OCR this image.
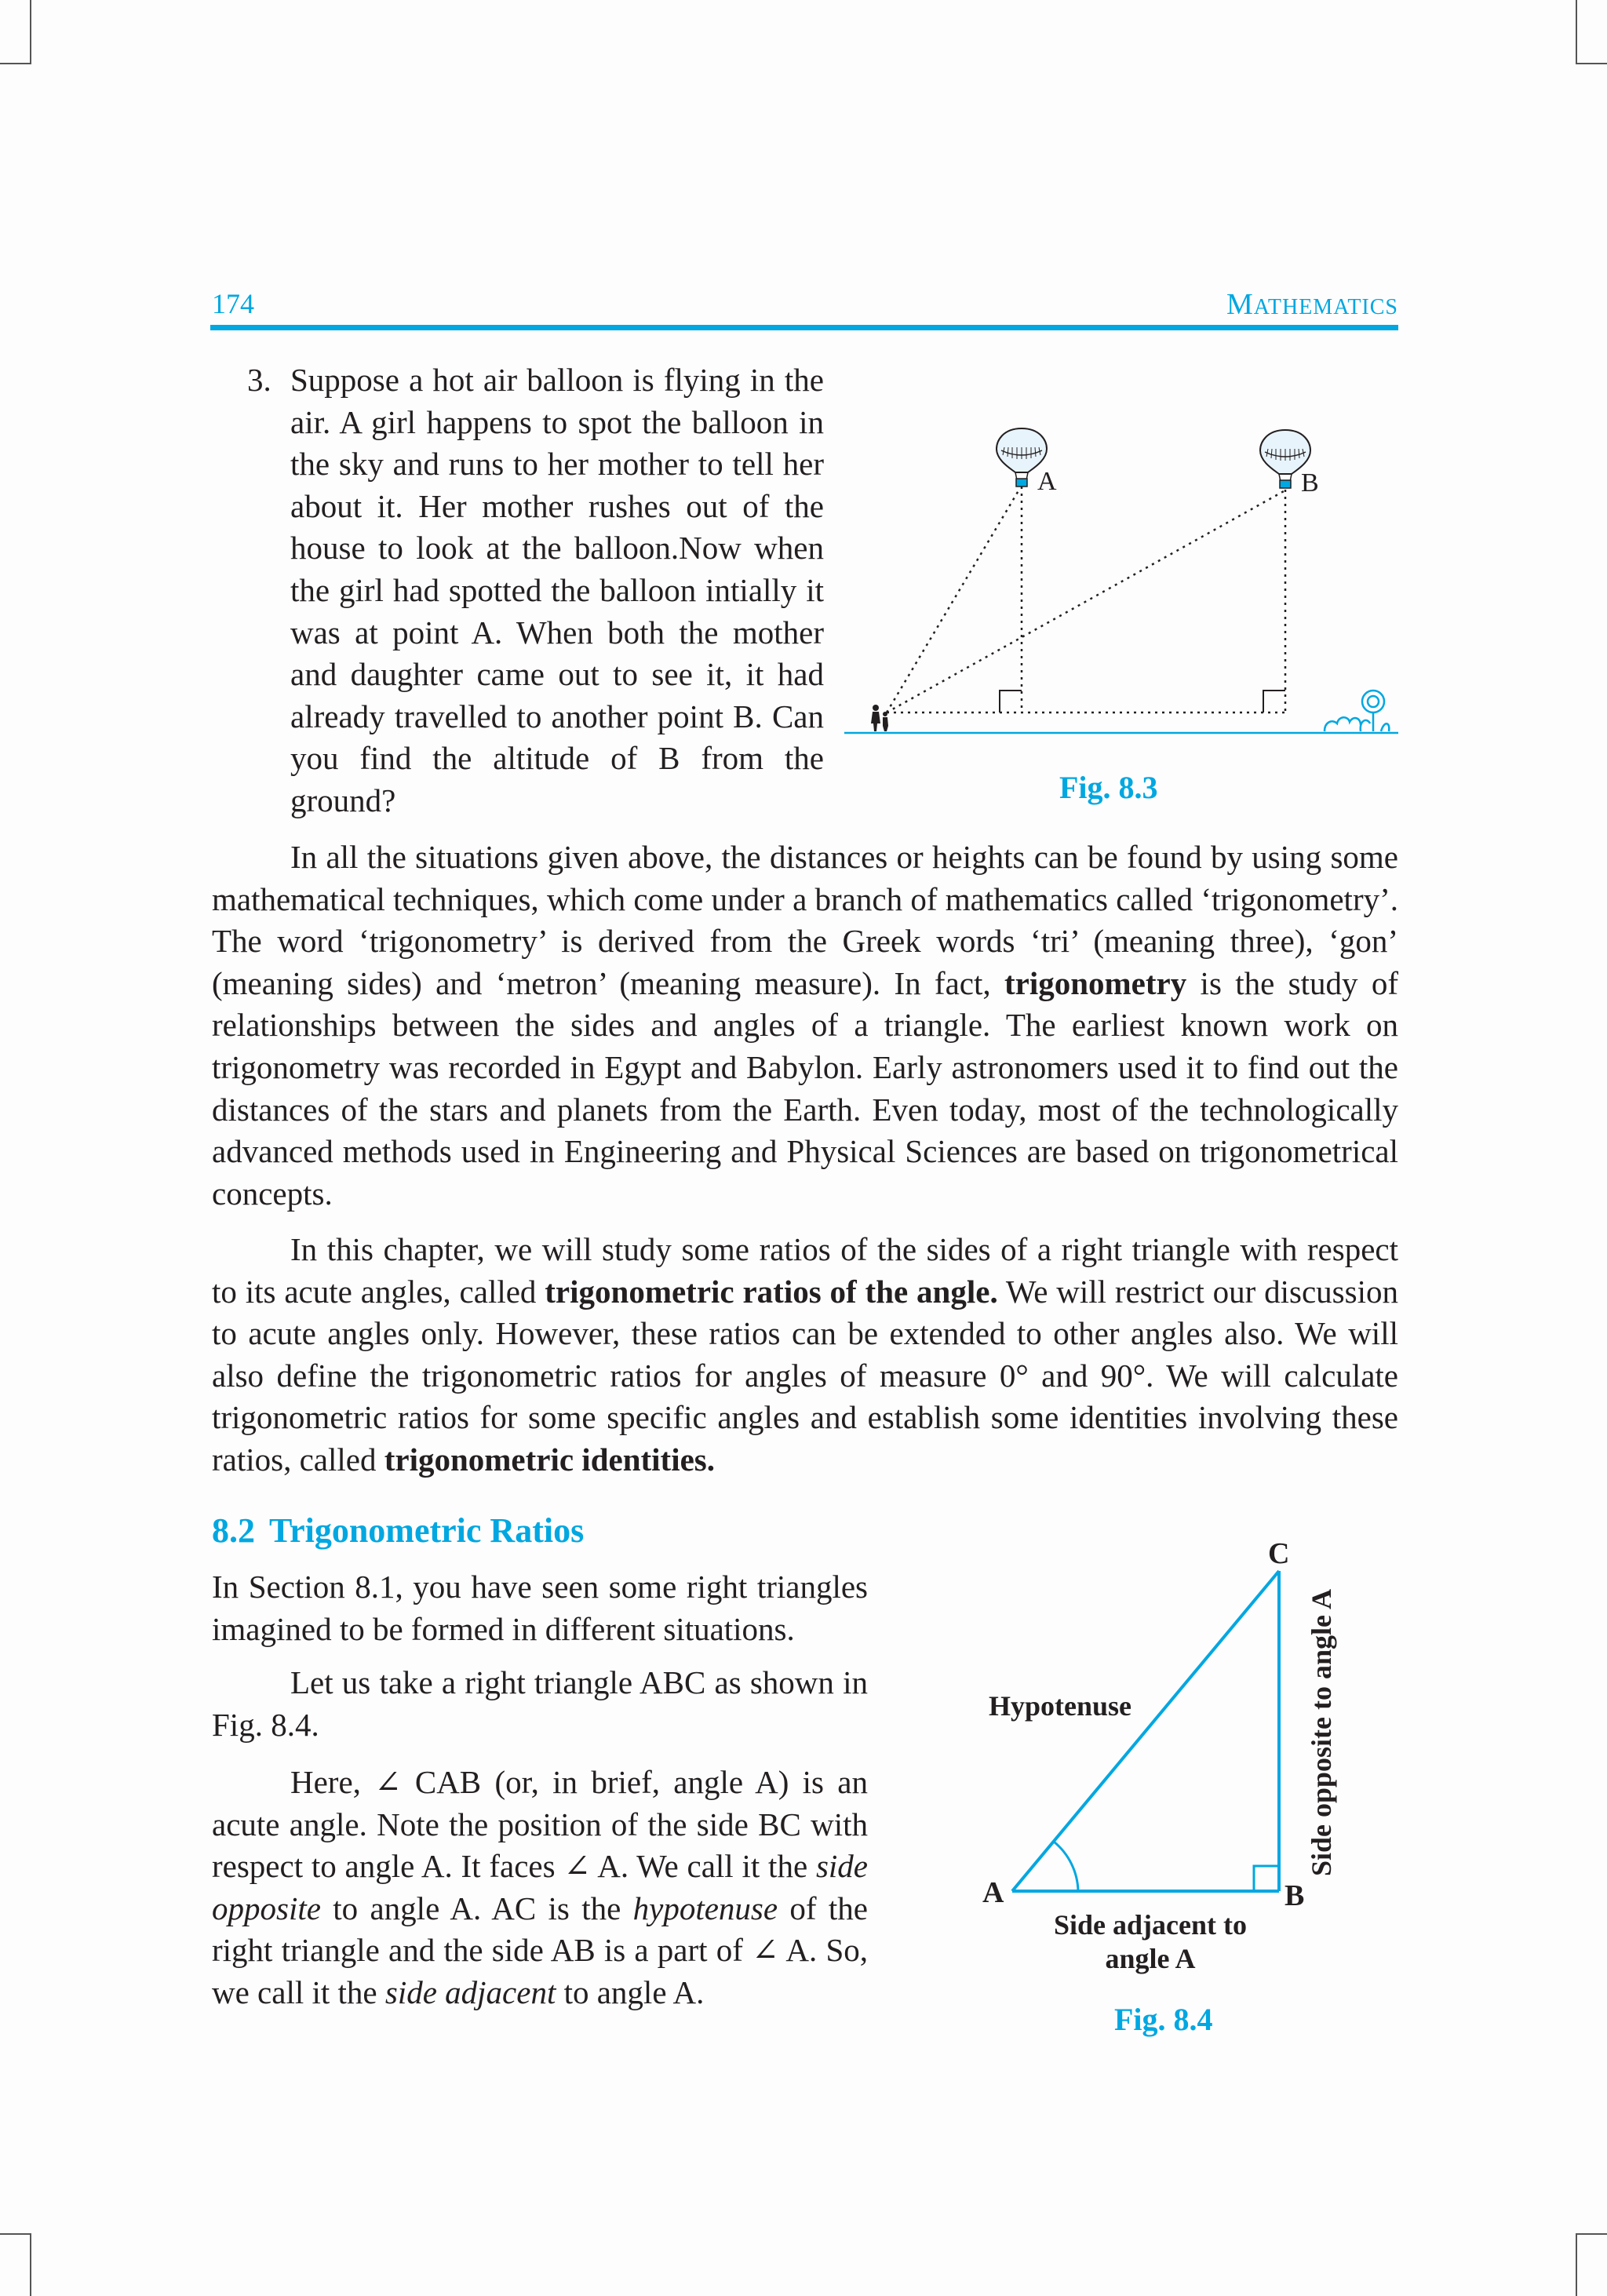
174	MATHEMATICS
3. Suppose a hot air balloon is flying in the air. A girl happens to spot the balloon in the sky and runs to her mother to tell her about it. Her mother rushes out of the house to look at the balloon.Now when the girl had spotted the balloon intially it was at point A. When both the mother and daughter came out to see it, it had already travelled to another point B. Can you find the altitude of B from the ground?
A	B
Fig. 8.3
In all the situations given above, the distances or heights can be found by using some mathematical techniques, which come under a branch of mathematics called ‘trigonometry’. The word ‘trigonometry’ is derived from the Greek words ‘tri’ (meaning three), ‘gon’ (meaning sides) and ‘metron’ (meaning measure). In fact, trigonometry is the study of relationships between the sides and angles of a triangle. The earliest known work on trigonometry was recorded in Egypt and Babylon. Early astronomers used it to find out the distances of the stars and planets from the Earth. Even today, most of the technologically advanced methods used in Engineering and Physical Sciences are based on trigonometrical concepts.
In this chapter, we will study some ratios of the sides of a right triangle with respect to its acute angles, called trigonometric ratios of the angle. We will restrict our discussion to acute angles only. However, these ratios can be extended to other angles also. We will also define the trigonometric ratios for angles of measure 0° and 90°. We will calculate trigonometric ratios for some specific angles and establish some identities involving these ratios, called trigonometric identities.
8.2 Trigonometric Ratios
In Section 8.1, you have seen some right triangles imagined to be formed in different situations.
Let us take a right triangle ABC as shown in Fig. 8.4.
Here, ∠ CAB (or, in brief, angle A) is an acute angle. Note the position of the side BC with respect to angle A. It faces ∠ A. We call it the side opposite to angle A. AC is the hypotenuse of the right triangle and the side AB is a part of ∠ A. So, we call it the side adjacent to angle A.
A	B
C
Hypotenuse
Side adjacent to
angle A
Side opposite to angle A
Fig. 8.4
